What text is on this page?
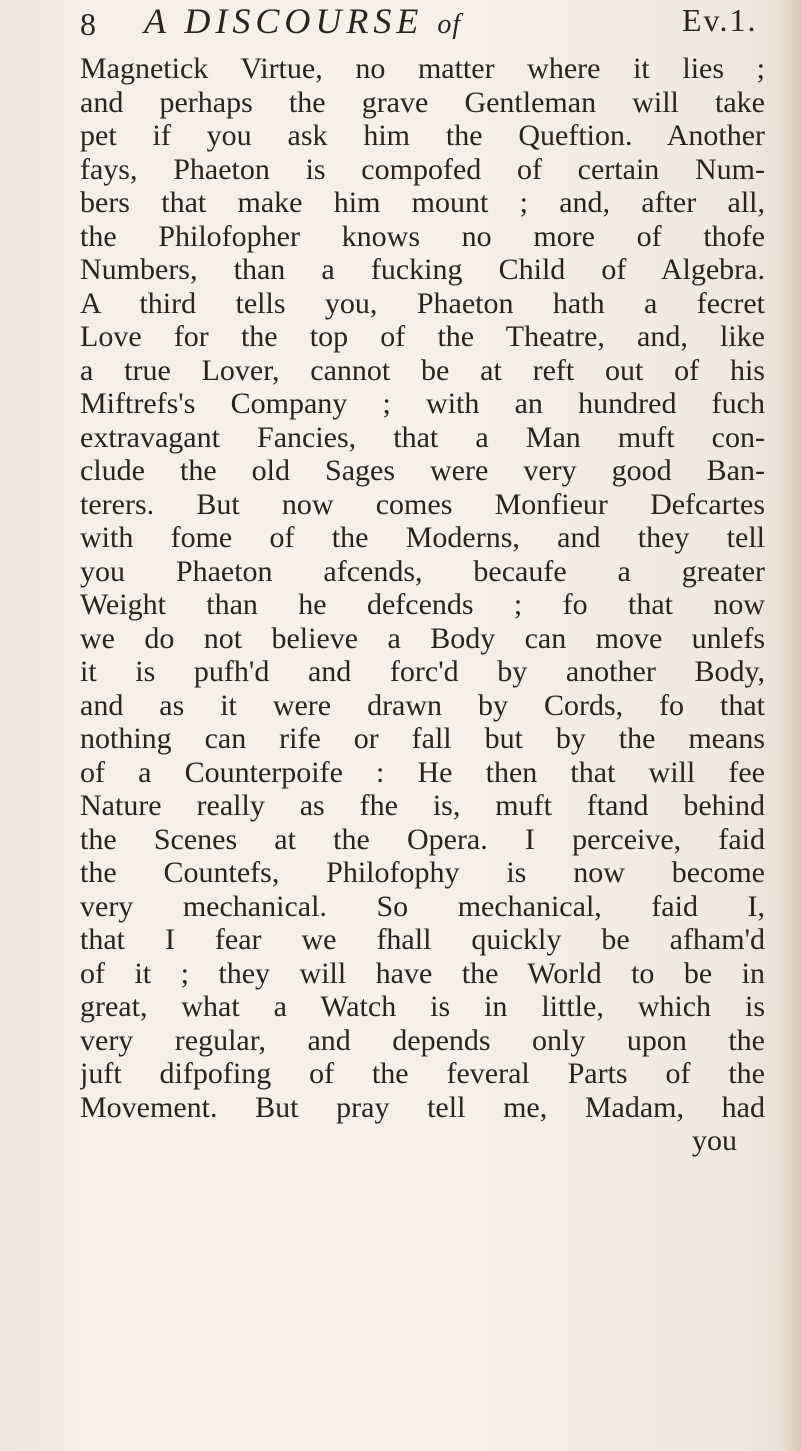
8 A DISCOURSE of	Ev.1.
Magnetick Virtue, no matter where it lies ;
and perhaps the grave Gentleman will take
pet if you ask him the Queftion. Another
fays, Phaeton is compofed of certain Num-
bers that make him mount ; and, after all,
the Philofopher knows no more of thofe
Numbers, than a fucking Child of Algebra.
A third tells you, Phaeton hath a fecret
Love for the top of the Theatre, and, like
a true Lover, cannot be at reft out of his
Miftrefs's Company ; with an hundred fuch
extravagant Fancies, that a Man muft con-
clude the old Sages were very good Ban-
terers. But now comes Monfieur Defcartes
with fome of the Moderns, and they tell
you Phaeton afcends, becaufe a greater
Weight than he defcends ; fo that now
we do not believe a Body can move unlefs
it is pufh'd and forc'd by another Body,
and as it were drawn by Cords, fo that
nothing can rife or fall but by the means
of a Counterpoife : He then that will fee
Nature really as fhe is, muft ftand behind
the Scenes at the Opera. I perceive, faid
the Countefs, Philofophy is now become
very mechanical. So mechanical, faid I,
that I fear we fhall quickly be afham'd
of it ; they will have the World to be in
great, what a Watch is in little, which is
very regular, and depends only upon the
juft difpofing of the feveral Parts of the
Movement. But pray tell me, Madam, had
you
